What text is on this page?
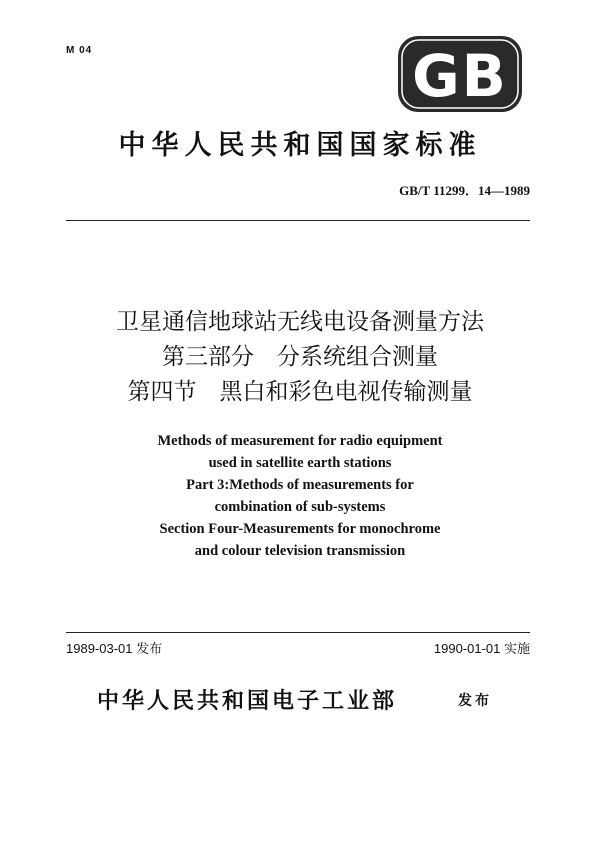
M 04	GB
中华人民共和国国家标准
GB/T 11299．14—1989
卫星通信地球站无线电设备测量方法
第三部分　分系统组合测量
第四节　黑白和彩色电视传输测量
Methods of measurement for radio equipment
used in satellite earth stations
Part 3:Methods of measurements for
combination of sub-systems
Section Four-Measurements for monochrome
and colour television transmission
1989-03-01 发布	1990-01-01 实施
中华人民共和国电子工业部	发布
